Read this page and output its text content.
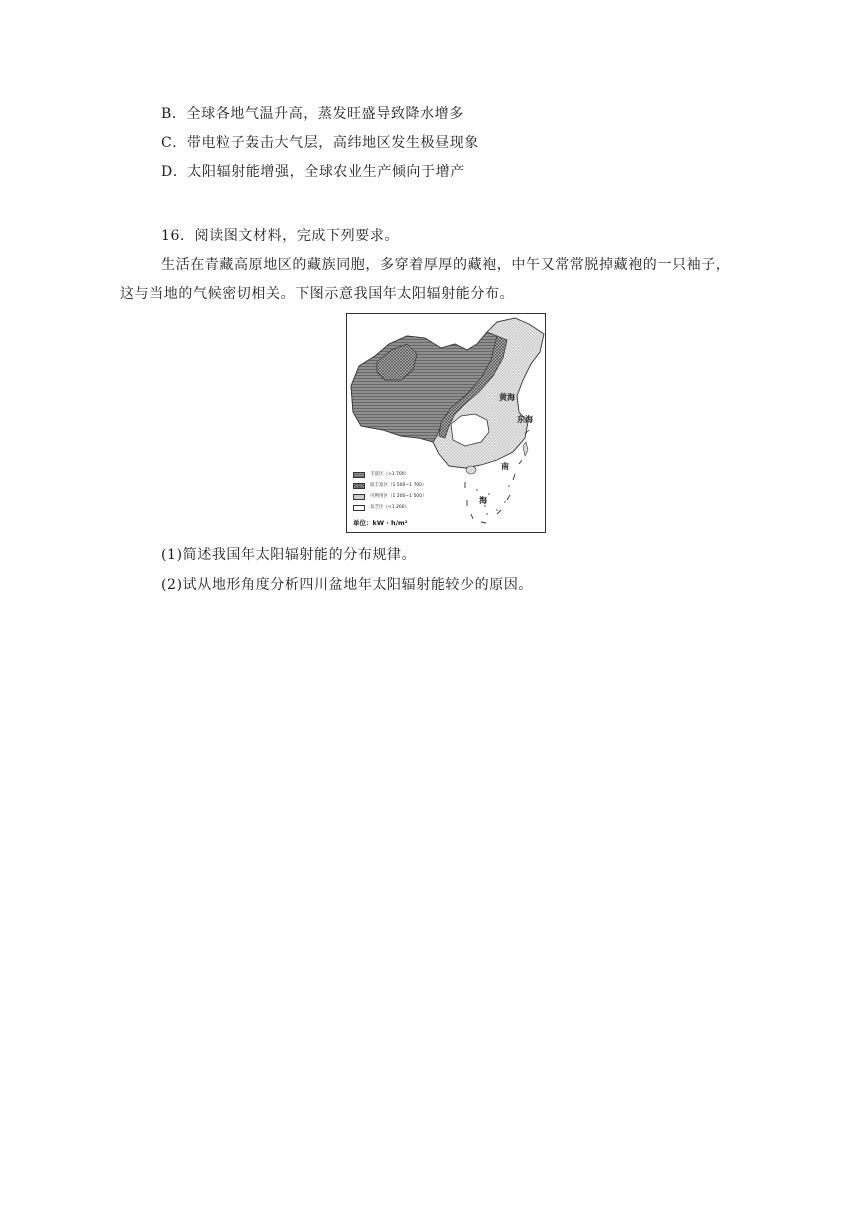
B．全球各地气温升高，蒸发旺盛导致降水增多
C．带电粒子轰击大气层，高纬地区发生极昼现象
D．太阳辐射能增强，全球农业生产倾向于增产
16．阅读图文材料，完成下列要求。
生活在青藏高原地区的藏族同胞，多穿着厚厚的藏袍，中午又常常脱掉藏袍的一只袖子，
这与当地的气候密切相关。下图示意我国年太阳辐射能分布。
黄海
东海
南
海
丰富区（>1 700）
较丰富区（1 500~1 700）
可利用区（1 200~1 500）
贫乏区（<1 200）
单位：kW · h/m²
(1)简述我国年太阳辐射能的分布规律。
(2)试从地形角度分析四川盆地年太阳辐射能较少的原因。
